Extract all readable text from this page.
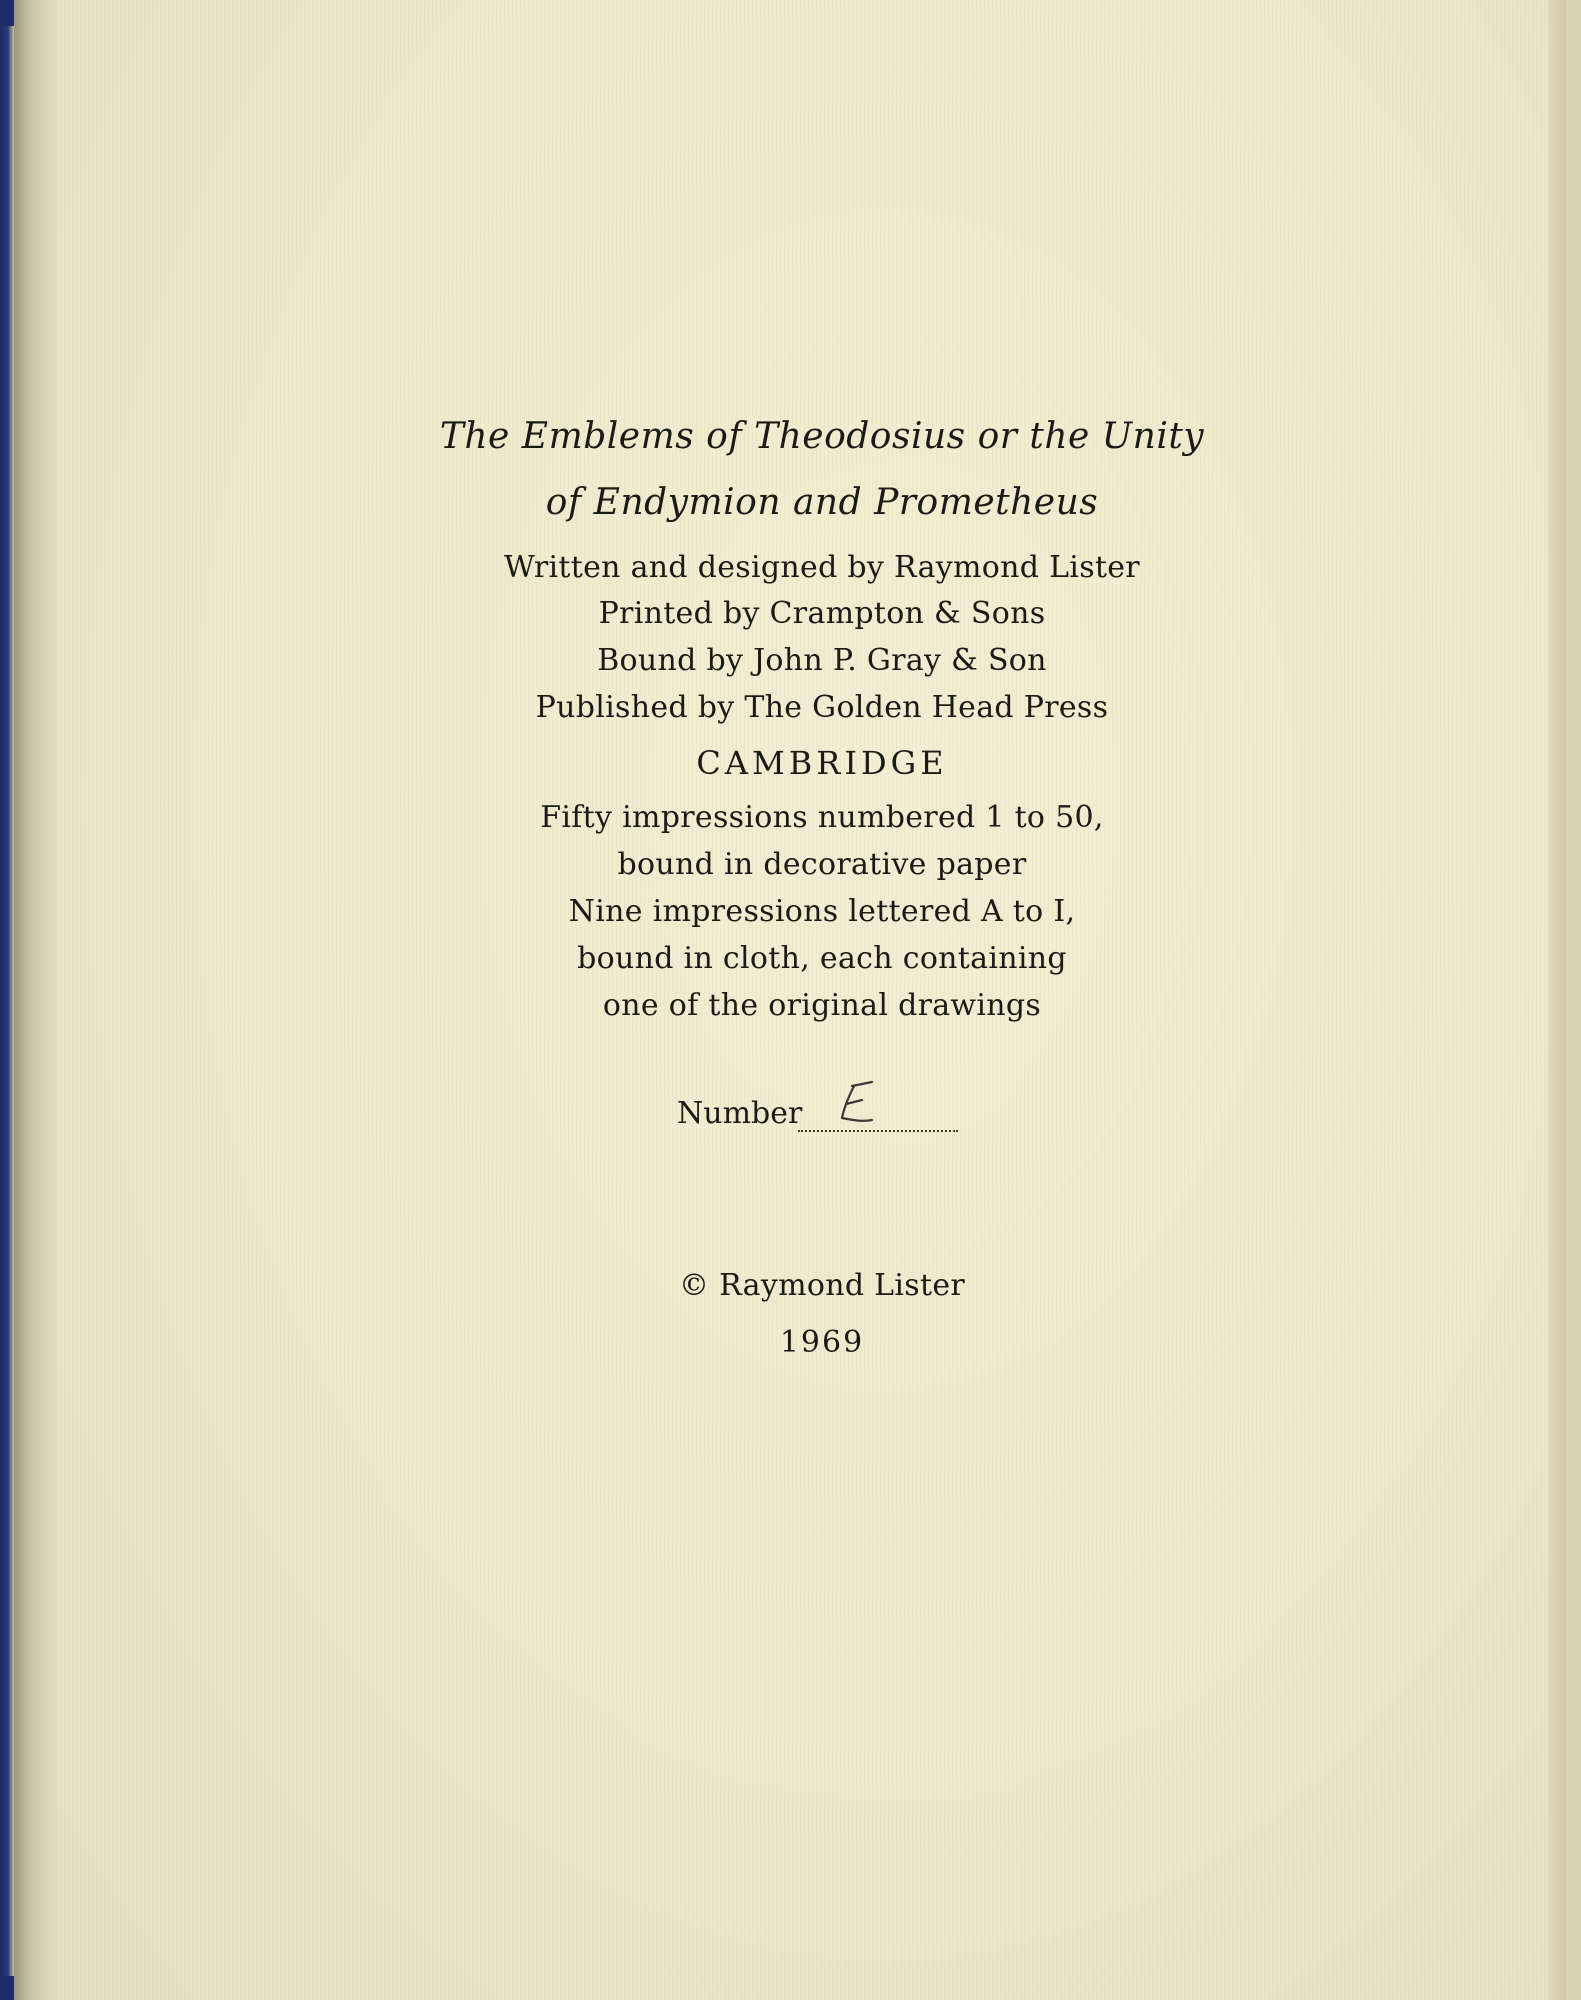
The Emblems of Theodosius or the Unity
of Endymion and Prometheus
Written and designed by Raymond Lister
Printed by Crampton & Sons
Bound by John P. Gray & Son
Published by The Golden Head Press
CAMBRIDGE
Fifty impressions numbered 1 to 50,
bound in decorative paper
Nine impressions lettered A to I,
bound in cloth, each containing
one of the original drawings
Number
© Raymond Lister
1969
